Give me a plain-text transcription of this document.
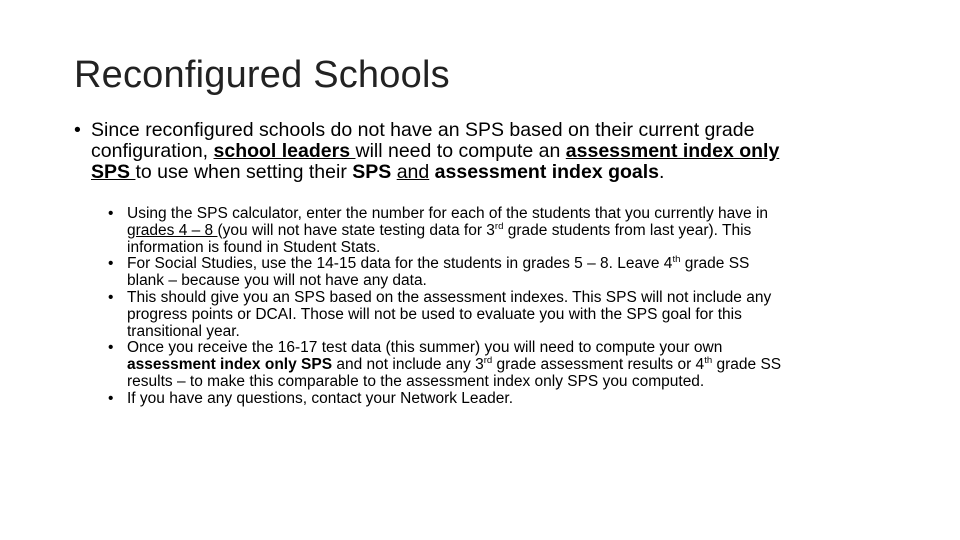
Reconfigured Schools
• Since reconfigured schools do not have an SPS based on their current grade configuration, school leaders will need to compute an assessment index only SPS to use when setting their SPS and assessment index goals.
• Using the SPS calculator, enter the number for each of the students that you currently have in grades 4 – 8 (you will not have state testing data for 3rd grade students from last year). This information is found in Student Stats.
• For Social Studies, use the 14-15 data for the students in grades 5 – 8. Leave 4th grade SS blank – because you will not have any data.
• This should give you an SPS based on the assessment indexes. This SPS will not include any progress points or DCAI. Those will not be used to evaluate you with the SPS goal for this transitional year.
• Once you receive the 16-17 test data (this summer) you will need to compute your own assessment index only SPS and not include any 3rd grade assessment results or 4th grade SS results – to make this comparable to the assessment index only SPS you computed.
• If you have any questions, contact your Network Leader.
